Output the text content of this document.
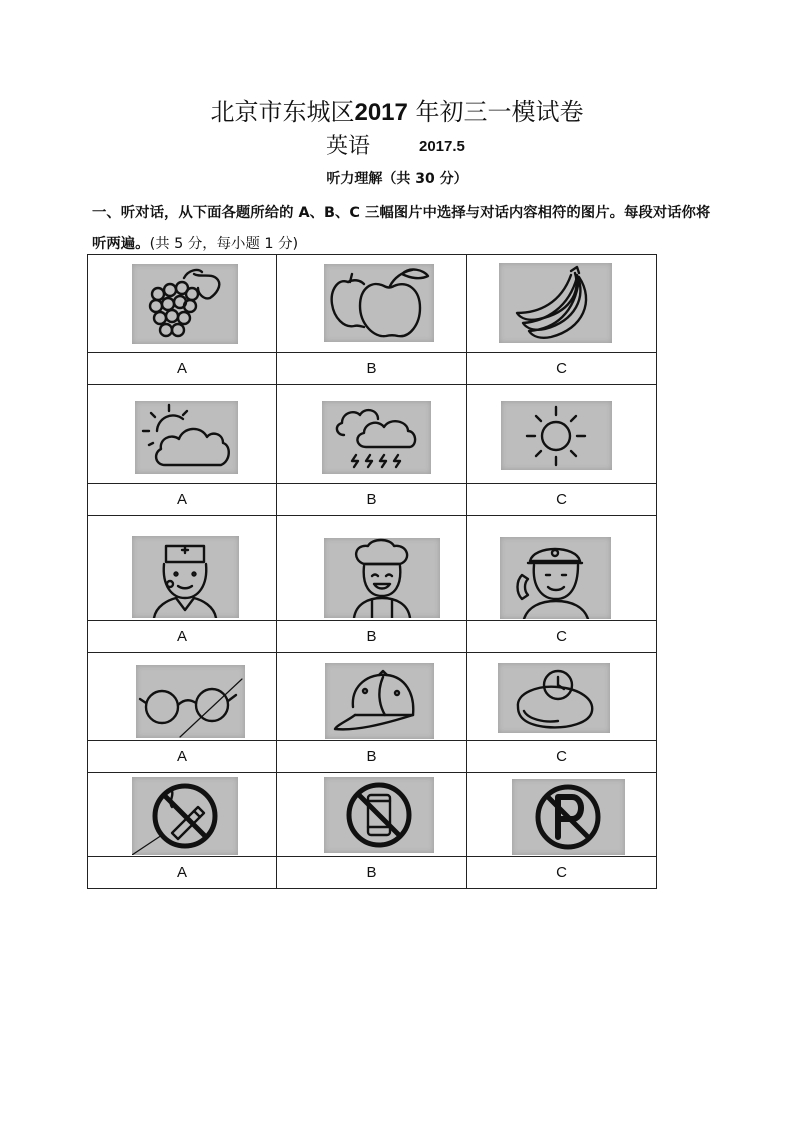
北京市东城区2017 年初三一模试卷
英语	2017.5
听力理解（共 30 分）
一、听对话，从下面各题所给的 A、B、C 三幅图片中选择与对话内容相符的图片。每段对话你将听两遍。(共 5 分，每小题 1 分)

A	B	C

A	B	C

A	B	C

A	B	C

A	B	C
